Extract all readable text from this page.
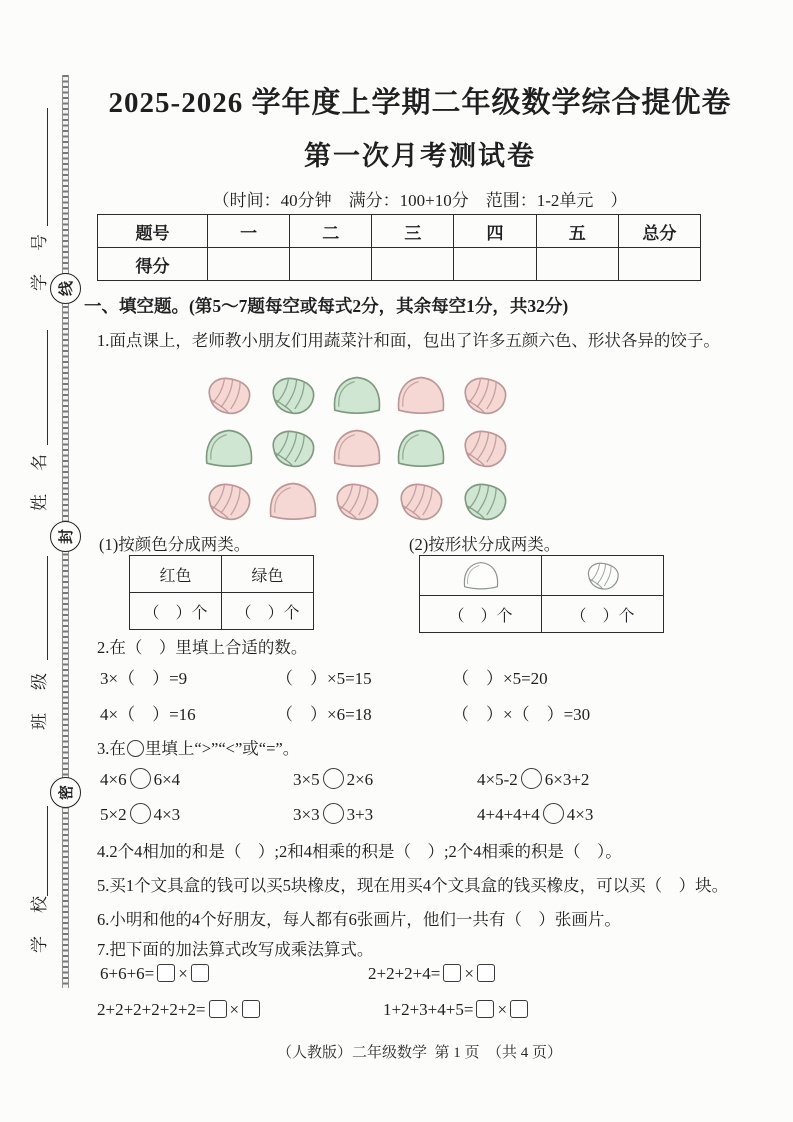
学　号
姓　名
班　级
学　校
线
封
密
2025-2026 学年度上学期二年级数学综合提优卷
第一次月考测试卷
（时间：40分钟　满分：100+10分　范围：1-2单元　）
题号	一	二	三	四	五	总分
得分						
一、填空题。(第5～7题每空或每式2分，其余每空1分，共32分)
1.面点课上，老师教小朋友们用蔬菜汁和面，包出了许多五颜六色、形状各异的饺子。
(1)按颜色分成两类。	(2)按形状分成两类。
红色	绿色
（　）个	（　）个
		（　）个	（　）个
2.在（　）里填上合适的数。
3×（　）=9	（　）×5=15	（　）×5=20
4×（　）=16	（　）×6=18	（　）×（　）=30
3.在 里填上“>”“<”或“=”。
4×6 6×4	3×5 2×6	4×5-2 6×3+2
5×2 4×3	3×3 3+3	4+4+4+4 4×3
4.2个4相加的和是（　）;2和4相乘的积是（　）;2个4相乘的积是（　）。
5.买1个文具盒的钱可以买5块橡皮，现在用买4个文具盒的钱买橡皮，可以买（　）块。
6.小明和他的4个好朋友，每人都有6张画片，他们一共有（　）张画片。
7.把下面的加法算式改写成乘法算式。
6+6+6= ×	2+2+2+4= ×
2+2+2+2+2+2= ×	1+2+3+4+5= ×
（人教版）二年级数学  第 1 页  （共 4 页）
